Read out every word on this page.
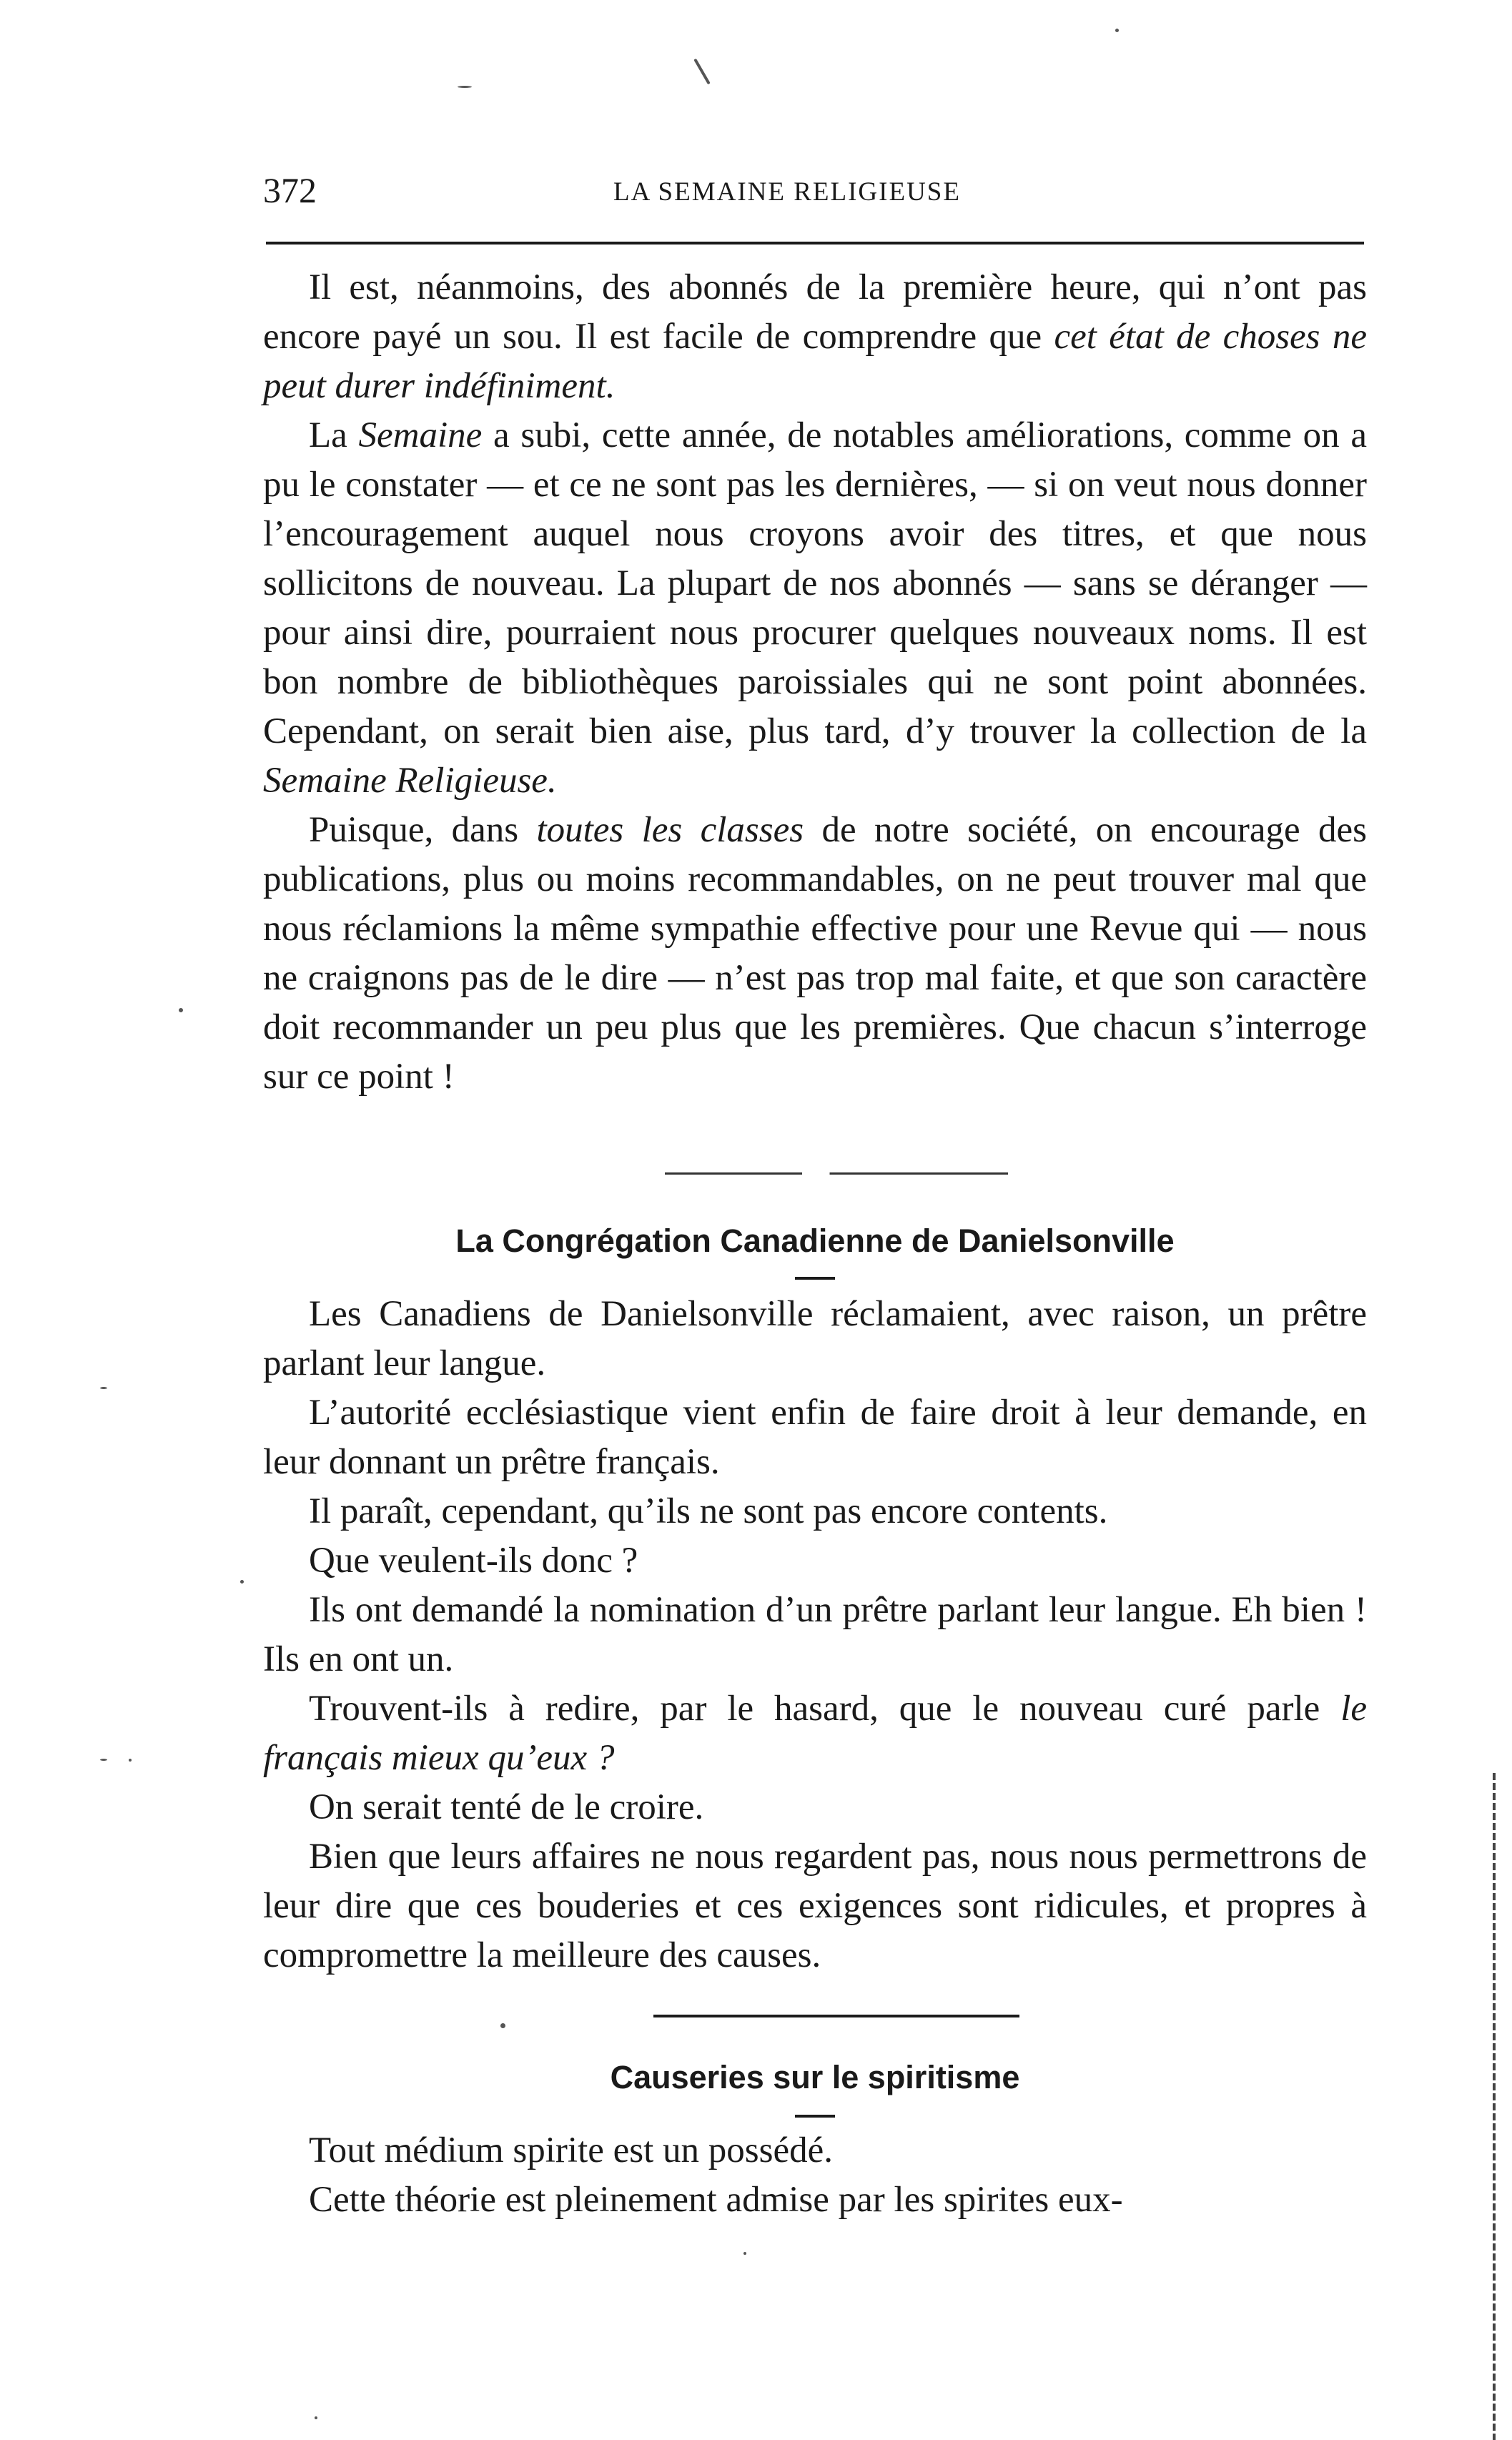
372	LA SEMAINE RELIGIEUSE

Il est, néanmoins, des abonnés de la première heure, qui n’ont pas encore payé un sou. Il est facile de comprendre que cet état de choses ne peut durer indéfiniment.

La Semaine a subi, cette année, de notables améliorations, comme on a pu le constater — et ce ne sont pas les dernières, — si on veut nous donner l’encouragement auquel nous croyons avoir des titres, et que nous sollicitons de nouveau. La plupart de nos abonnés — sans se déranger — pour ainsi dire, pourraient nous procurer quelques nouveaux noms. Il est bon nombre de bibliothèques paroissiales qui ne sont point abonnées. Cependant, on serait bien aise, plus tard, d’y trouver la collection de la Semaine Religieuse.

Puisque, dans toutes les classes de notre société, on encourage des publications, plus ou moins recommandables, on ne peut trouver mal que nous réclamions la même sympathie effective pour une Revue qui — nous ne craignons pas de le dire — n’est pas trop mal faite, et que son caractère doit recommander un peu plus que les premières. Que chacun s’interroge sur ce point !

La Congrégation Canadienne de Danielsonville

Les Canadiens de Danielsonville réclamaient, avec raison, un prêtre parlant leur langue.

L’autorité ecclésiastique vient enfin de faire droit à leur demande, en leur donnant un prêtre français.

Il paraît, cependant, qu’ils ne sont pas encore contents.

Que veulent-ils donc ?

Ils ont demandé la nomination d’un prêtre parlant leur langue. Eh bien ! Ils en ont un.

Trouvent-ils à redire, par le hasard, que le nouveau curé parle le français mieux qu’eux ?

On serait tenté de le croire.

Bien que leurs affaires ne nous regardent pas, nous nous permettrons de leur dire que ces bouderies et ces exigences sont ridicules, et propres à compromettre la meilleure des causes.

Causeries sur le spiritisme

Tout médium spirite est un possédé.

Cette théorie est pleinement admise par les spirites eux-
